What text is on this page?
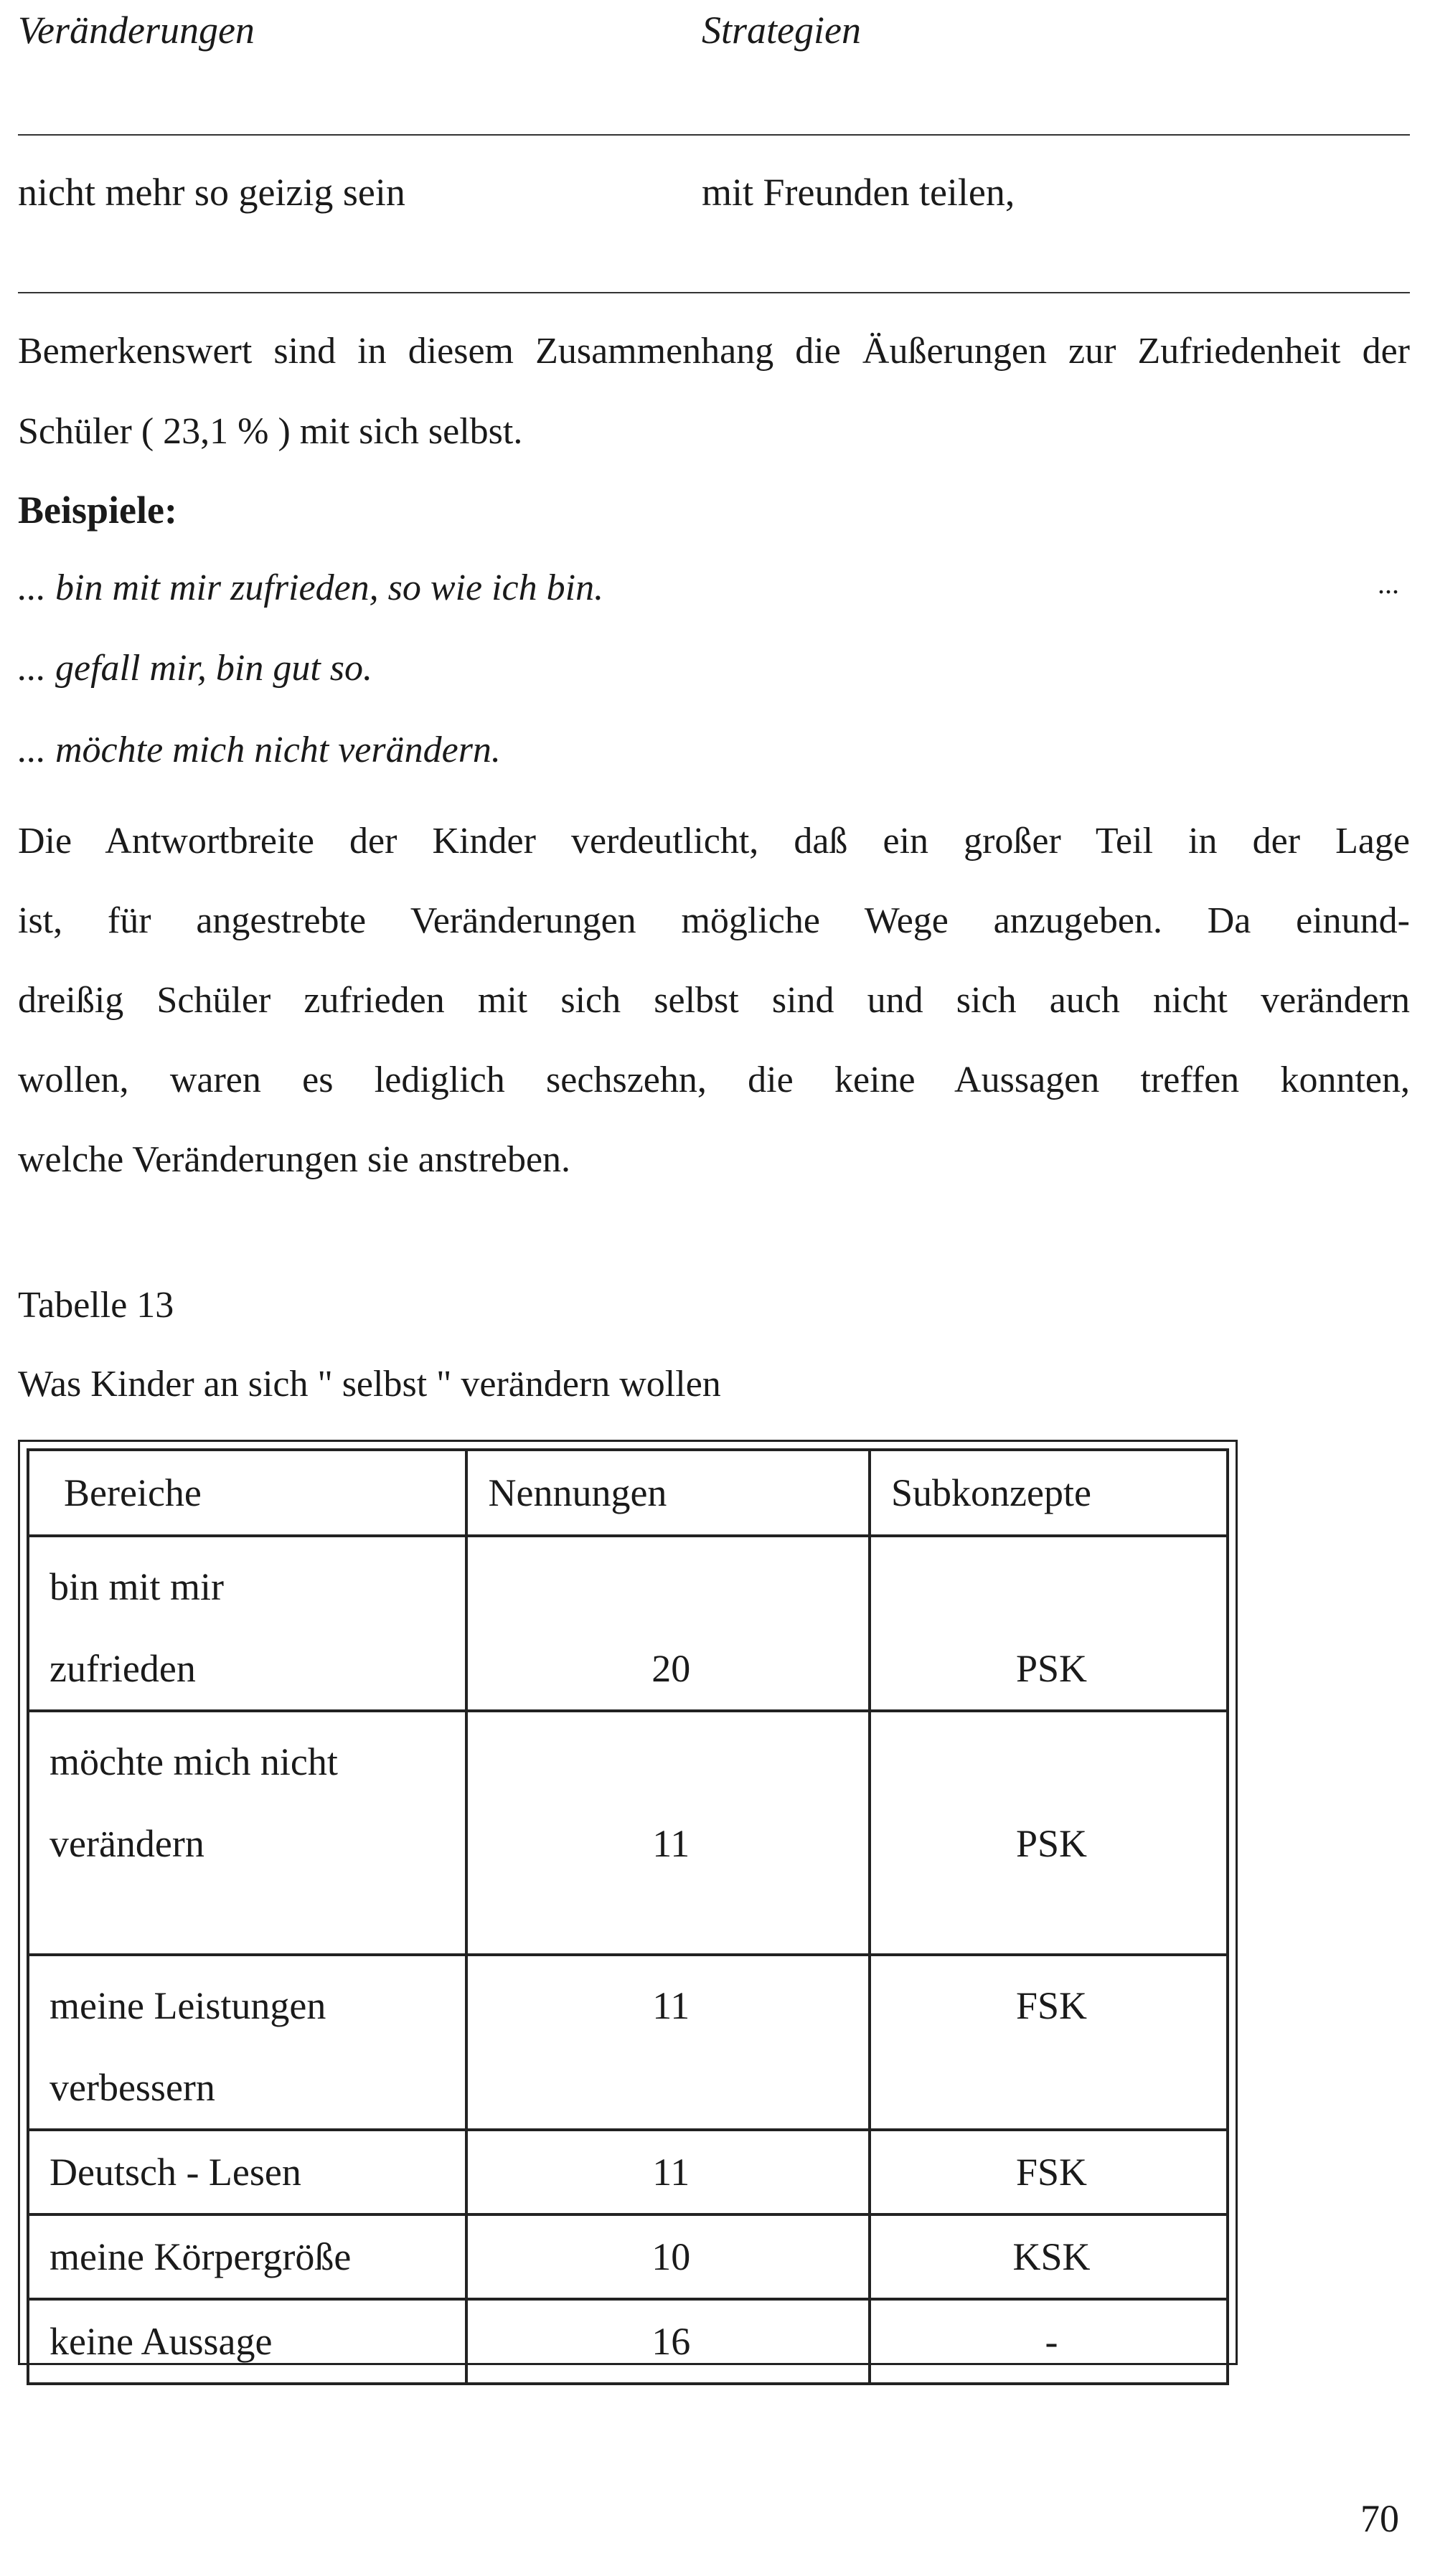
Veränderungen	Strategien
nicht mehr so geizig sein	mit Freunden teilen,
Bemerkenswert sind in diesem Zusammenhang die Äußerungen zur Zufriedenheit der Schüler ( 23,1 % ) mit sich selbst.
Beispiele:
... bin mit mir zufrieden, so wie ich bin.	...
... gefall mir, bin gut so.
... möchte mich nicht verändern.
Die Antwortbreite der Kinder verdeutlicht, daß ein großer Teil in der Lage
ist, für angestrebte Veränderungen mögliche Wege anzugeben. Da einund-
dreißig Schüler zufrieden mit sich selbst sind und sich auch nicht verändern
wollen, waren es lediglich sechszehn, die keine Aussagen treffen konnten,
welche Veränderungen sie anstreben.
Tabelle 13
Was Kinder an sich " selbst " verändern wollen
Bereiche	Nennungen	Subkonzepte

bin mit mir
zufrieden	20	PSK

möchte mich nicht
verändern	11	PSK

meine Leistungen
verbessern	11	FSK

Deutsch - Lesen	11	FSK

meine Körpergröße	10	KSK

keine Aussage	16	-
70
